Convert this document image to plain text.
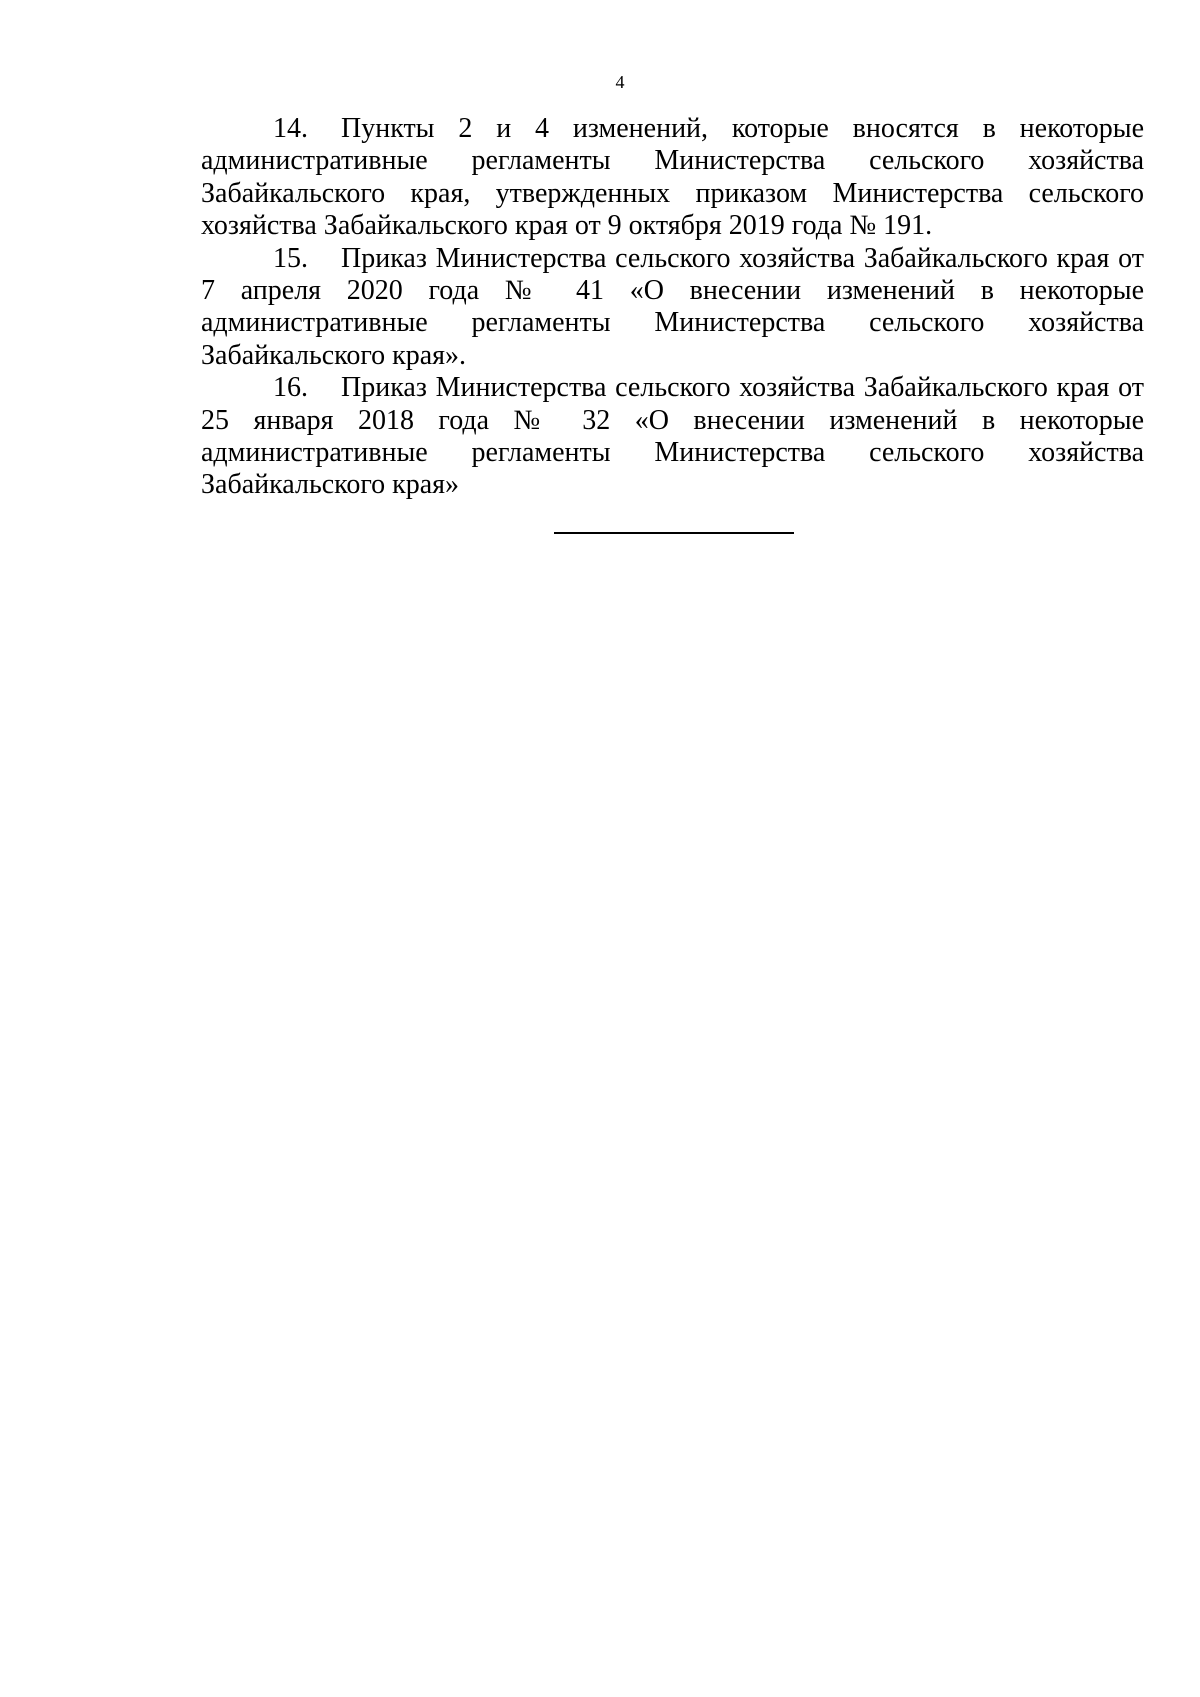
4

14. Пункты 2 и 4 изменений, которые вносятся в некоторые административные регламенты Министерства сельского хозяйства Забайкальского края, утвержденных приказом Министерства сельского хозяйства Забайкальского края от 9 октября 2019 года № 191.

15. Приказ Министерства сельского хозяйства Забайкальского края от 7 апреля 2020 года № 41 «О внесении изменений в некоторые административные регламенты Министерства сельского хозяйства Забайкальского края».

16. Приказ Министерства сельского хозяйства Забайкальского края от 25 января 2018 года № 32 «О внесении изменений в некоторые административные регламенты Министерства сельского хозяйства Забайкальского края»
